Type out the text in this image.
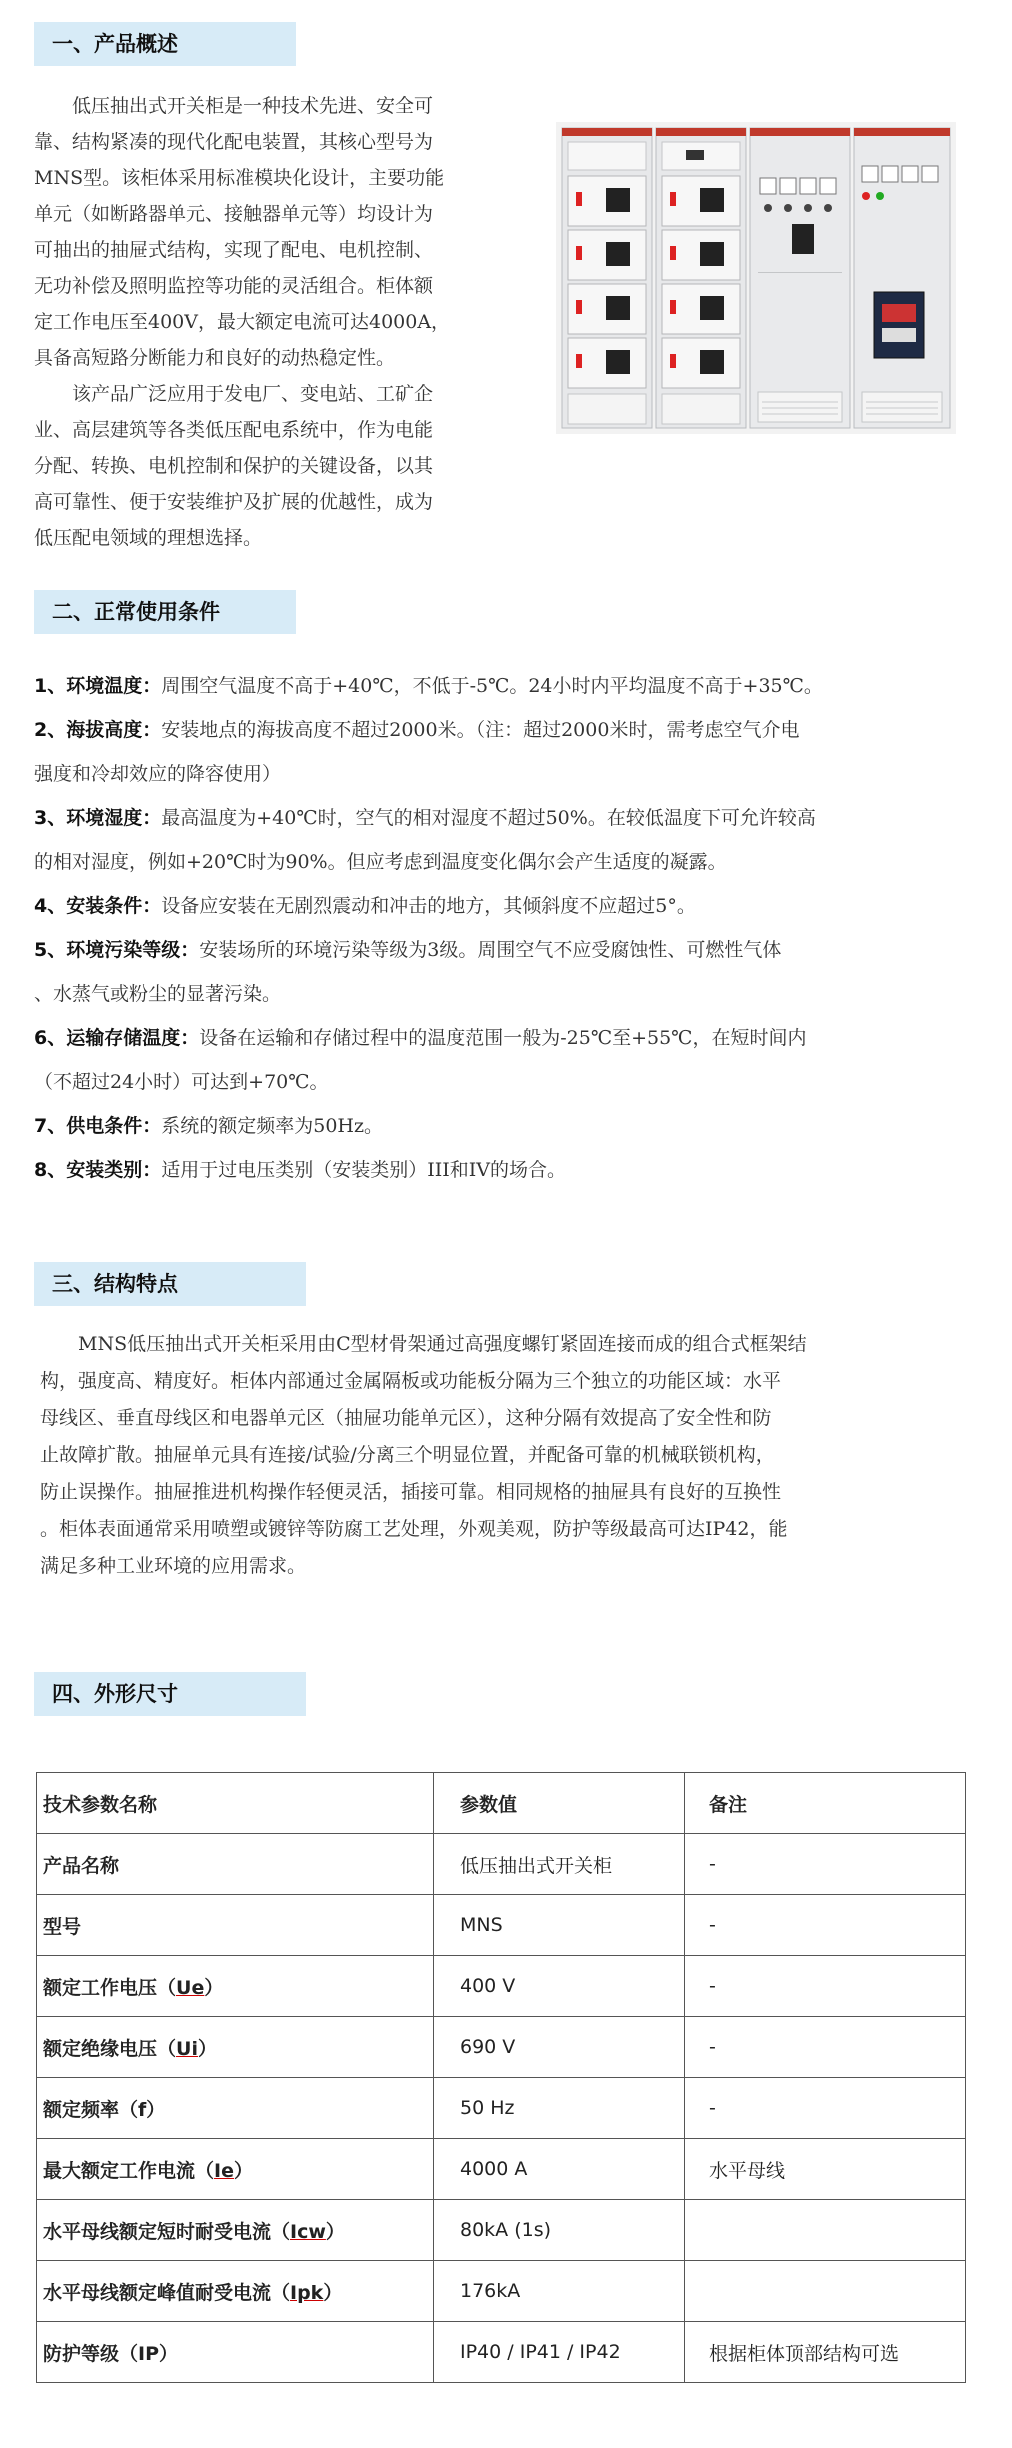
一、产品概述
低压抽出式开关柜是一种技术先进、安全可
靠、结构紧凑的现代化配电装置，其核心型号为
MNS型。该柜体采用标准模块化设计，主要功能
单元（如断路器单元、接触器单元等）均设计为
可抽出的抽屉式结构，实现了配电、电机控制、
无功补偿及照明监控等功能的灵活组合。柜体额
定工作电压至400V，最大额定电流可达4000A，
具备高短路分断能力和良好的动热稳定性。
该产品广泛应用于发电厂、变电站、工矿企
业、高层建筑等各类低压配电系统中，作为电能
分配、转换、电机控制和保护的关键设备，以其
高可靠性、便于安装维护及扩展的优越性，成为
低压配电领域的理想选择。
二、正常使用条件
1、环境温度：周围空气温度不高于+40℃，不低于-5℃。24小时内平均温度不高于+35℃。
2、海拔高度：安装地点的海拔高度不超过2000米。（注：超过2000米时，需考虑空气介电
强度和冷却效应的降容使用）
3、环境湿度：最高温度为+40℃时，空气的相对湿度不超过50%。在较低温度下可允许较高
的相对湿度，例如+20℃时为90%。但应考虑到温度变化偶尔会产生适度的凝露。
4、安装条件：设备应安装在无剧烈震动和冲击的地方，其倾斜度不应超过5°。
5、环境污染等级：安装场所的环境污染等级为3级。周围空气不应受腐蚀性、可燃性气体
、水蒸气或粉尘的显著污染。
6、运输存储温度：设备在运输和存储过程中的温度范围一般为-25℃至+55℃，在短时间内
（不超过24小时）可达到+70℃。
7、供电条件：系统的额定频率为50Hz。
8、安装类别：适用于过电压类别（安装类别）III和IV的场合。
三、结构特点
MNS低压抽出式开关柜采用由C型材骨架通过高强度螺钉紧固连接而成的组合式框架结
构，强度高、精度好。柜体内部通过金属隔板或功能板分隔为三个独立的功能区域：水平
母线区、垂直母线区和电器单元区（抽屉功能单元区），这种分隔有效提高了安全性和防
止故障扩散。抽屉单元具有连接/试验/分离三个明显位置，并配备可靠的机械联锁机构，
防止误操作。抽屉推进机构操作轻便灵活，插接可靠。相同规格的抽屉具有良好的互换性
。柜体表面通常采用喷塑或镀锌等防腐工艺处理，外观美观，防护等级最高可达IP42，能
满足多种工业环境的应用需求。
四、外形尺寸
技术参数名称	参数值	备注
产品名称	低压抽出式开关柜	-
型号	MNS	-
额定工作电压（Ue）	400 V	-
额定绝缘电压（Ui）	690 V	-
额定频率（f）	50 Hz	-
最大额定工作电流（Ie）	4000 A	水平母线
水平母线额定短时耐受电流（Icw）	80kA (1s)	
水平母线额定峰值耐受电流（Ipk）	176kA	
防护等级（IP）	IP40 / IP41 / IP42	根据柜体顶部结构可选
